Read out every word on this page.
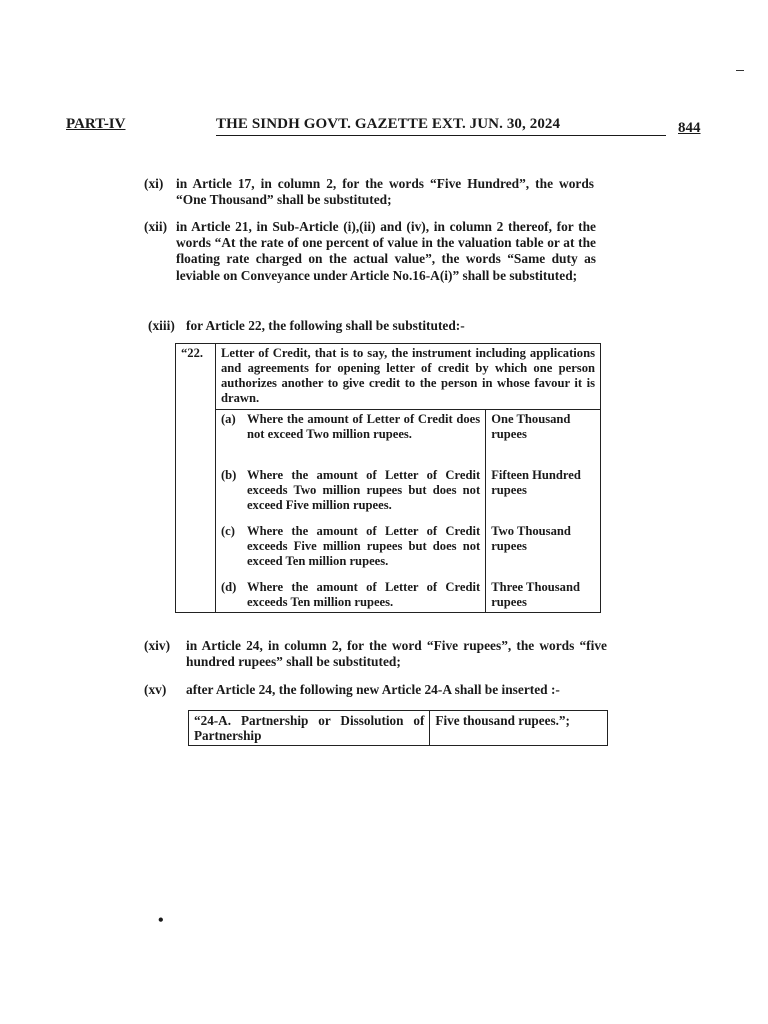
PART-IV	THE SINDH GOVT. GAZETTE EXT. JUN. 30, 2024	844
(xi) in Article 17, in column 2, for the words “Five Hundred”, the words “One Thousand” shall be substituted;
(xii) in Article 21, in Sub-Article (i),(ii) and (iv), in column 2 thereof, for the words “At the rate of one percent of value in the valuation table or at the floating rate charged on the actual value”, the words “Same duty as leviable on Conveyance under Article No.16-A(i)” shall be substituted;
(xiii) for Article 22, the following shall be substituted:-
“22.	Letter of Credit, that is to say, the instrument including applications and agreements for opening letter of credit by which one person authorizes another to give credit to the person in whose favour it is drawn.	

	(a) Where the amount of Letter of Credit does not exceed Two million rupees.	One Thousand rupees

	(b) Where the amount of Letter of Credit exceeds Two million rupees but does not exceed Five million rupees.	Fifteen Hundred rupees

	(c) Where the amount of Letter of Credit exceeds Five million rupees but does not exceed Ten million rupees.	Two Thousand rupees

	(d) Where the amount of Letter of Credit exceeds Ten million rupees.	Three Thousand rupees
(xiv) in Article 24, in column 2, for the word “Five rupees”, the words “five hundred rupees” shall be substituted;
(xv) after Article 24, the following new Article 24-A shall be inserted :-
“24-A. Partnership or Dissolution of Partnership	Five thousand rupees.”;
•
